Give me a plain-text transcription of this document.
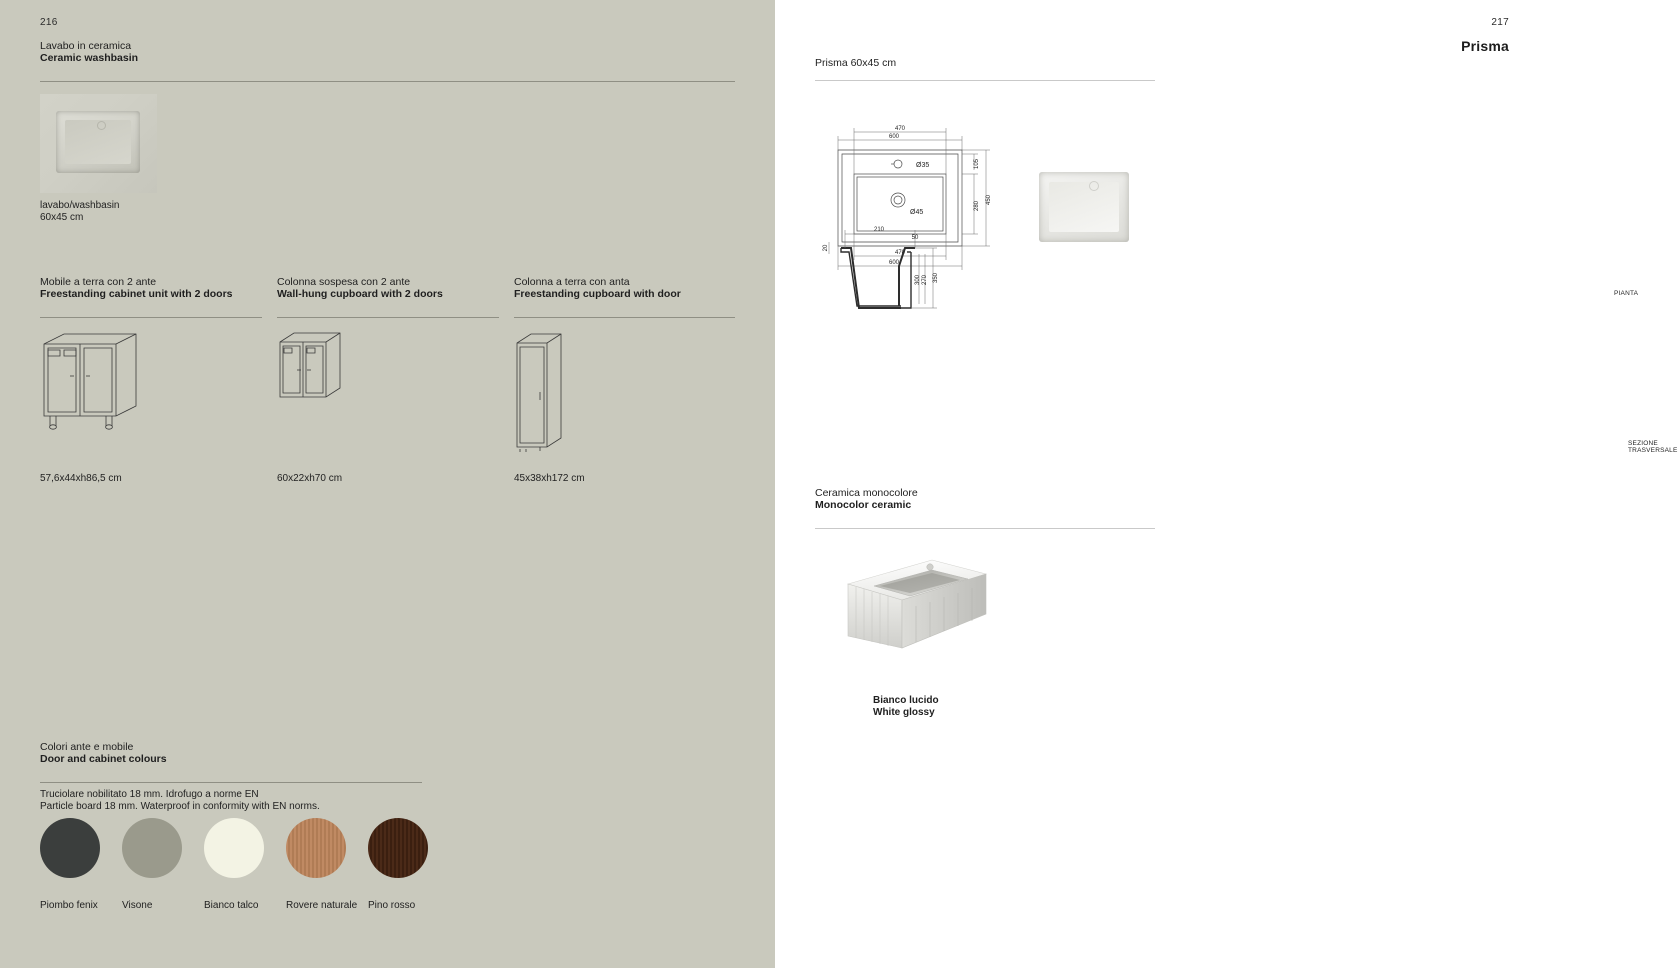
216
Lavabo in ceramica
Ceramic washbasin
lavabo/washbasin
60x45 cm
Mobile a terra con 2 ante
Freestanding cabinet unit with 2 doors
Colonna sospesa con 2 ante
Wall-hung cupboard with 2 doors
Colonna a terra con anta
Freestanding cupboard with door
57,6x44xh86,5 cm	60x22xh70 cm	45x38xh172 cm
Colori ante e mobile
Door and cabinet colours
Truciolare nobilitato 18 mm. Idrofugo a norme EN
Particle board 18 mm. Waterproof in conformity with EN norms.
Piombo fenix Visone	Bianco talco	Rovere naturale Pino rosso
217
Prisma
Prisma 60x45 cm
600
470
470
600
450
280
105
Ø35
Ø45
PIANTA
210
50
20
300 270 350
SEZIONE TRASVERSALE
Ceramica monocolore
Monocolor ceramic
Bianco lucido
White glossy
